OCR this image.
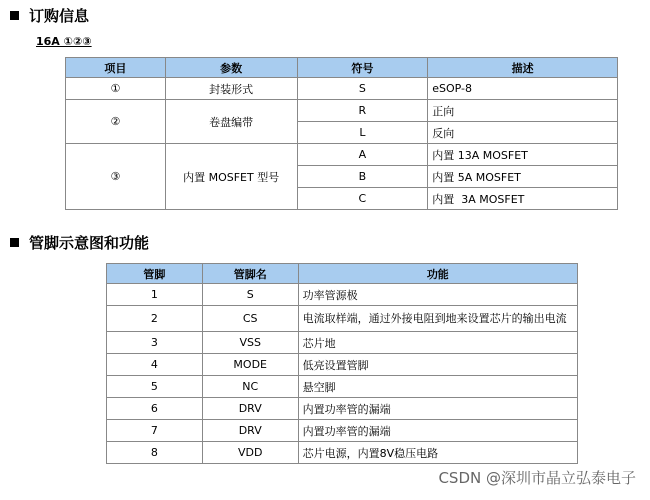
订购信息
16A ①②③
项目	参数	符号	描述
①	封装形式	S	eSOP-8
②	卷盘编带	R	正向
		L	反向
③	内置 MOSFET 型号	A	内置 13A MOSFET
		B	内置 5A MOSFET
		C	内置  3A MOSFET
管脚示意图和功能
管脚	管脚名	功能
1	S	功率管源极
2	CS	电流取样端，通过外接电阻到地来设置芯片的输出电流
3	VSS	芯片地
4	MODE	低亮设置管脚
5	NC	悬空脚
6	DRV	内置功率管的漏端
7	DRV	内置功率管的漏端
8	VDD	芯片电源，内置8V稳压电路
CSDN @深圳市晶立弘泰电子
